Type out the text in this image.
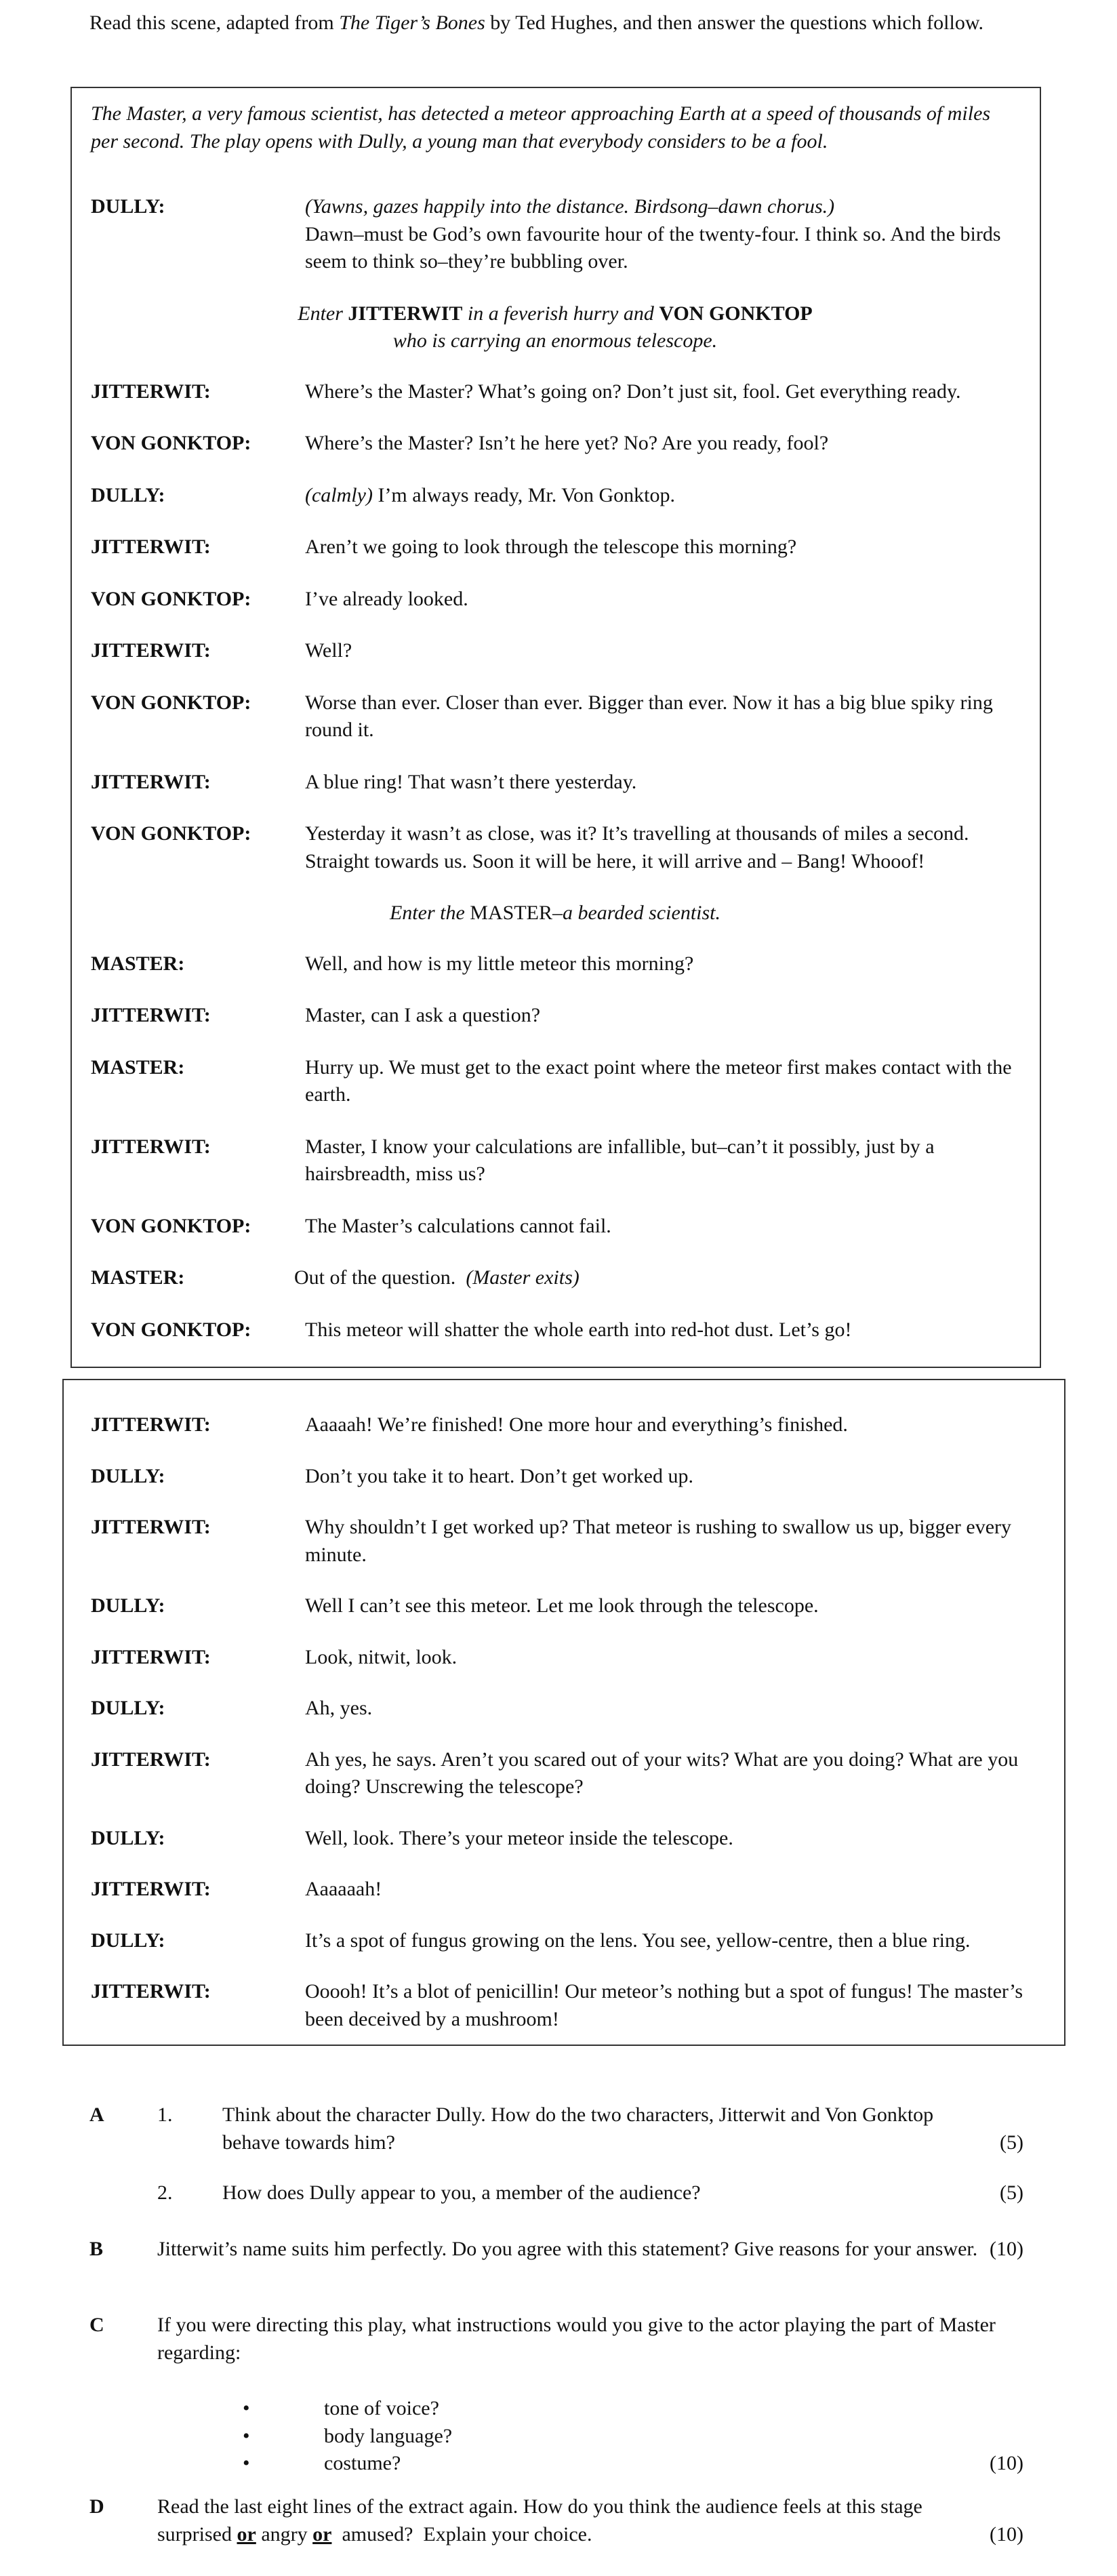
Read this scene, adapted from The Tiger’s Bones by Ted Hughes, and then answer the questions which follow.

The Master, a very famous scientist, has detected a meteor approaching Earth at a speed of thousands of miles per second. The play opens with Dully, a young man that everybody considers to be a fool.

DULLY:	(Yawns, gazes happily into the distance. Birdsong–dawn chorus.)
Dawn–must be God’s own favourite hour of the twenty-four. I think so. And the birds seem to think so–they’re bubbling over.
Enter JITTERWIT in a feverish hurry and VON GONKTOP
who is carrying an enormous telescope.
JITTERWIT:	Where’s the Master? What’s going on? Don’t just sit, fool. Get everything ready.
VON GONKTOP:	Where’s the Master? Isn’t he here yet? No? Are you ready, fool?
DULLY:	(calmly) I’m always ready, Mr. Von Gonktop.
JITTERWIT:	Aren’t we going to look through the telescope this morning?
VON GONKTOP:	I’ve already looked.
JITTERWIT:	Well?
VON GONKTOP:	Worse than ever. Closer than ever. Bigger than ever. Now it has a big blue spiky ring round it.
JITTERWIT:	A blue ring! That wasn’t there yesterday.
VON GONKTOP:	Yesterday it wasn’t as close, was it? It’s travelling at thousands of miles a second. Straight towards us. Soon it will be here, it will arrive and – Bang! Whooof!
Enter the MASTER–a bearded scientist.
MASTER:	Well, and how is my little meteor this morning?
JITTERWIT:	Master, can I ask a question?
MASTER:	Hurry up. We must get to the exact point where the meteor first makes contact with the earth.
JITTERWIT:	Master, I know your calculations are infallible, but–can’t it possibly, just by a hairsbreadth, miss us?
VON GONKTOP:	The Master’s calculations cannot fail.
MASTER:	Out of the question.  (Master exits)
VON GONKTOP:	This meteor will shatter the whole earth into red-hot dust. Let’s go!
JITTERWIT:	Aaaaah! We’re finished! One more hour and everything’s finished.
DULLY:	Don’t you take it to heart. Don’t get worked up.
JITTERWIT:	Why shouldn’t I get worked up? That meteor is rushing to swallow us up, bigger every minute.
DULLY:	Well I can’t see this meteor. Let me look through the telescope.
JITTERWIT:	Look, nitwit, look.
DULLY:	Ah, yes.
JITTERWIT:	Ah yes, he says. Aren’t you scared out of your wits? What are you doing? What are you doing? Unscrewing the telescope?
DULLY:	Well, look. There’s your meteor inside the telescope.
JITTERWIT:	Aaaaaah!
DULLY:	It’s a spot of fungus growing on the lens. You see, yellow-centre, then a blue ring.
JITTERWIT:	Ooooh! It’s a blot of penicillin! Our meteor’s nothing but a spot of fungus! The master’s been deceived by a mushroom!
A	1.	Think about the character Dully. How do the two characters, Jitterwit and Von Gonktop behave towards him?	(5)
2.	How does Dully appear to you, a member of the audience?	(5)
B	Jitterwit’s name suits him perfectly. Do you agree with this statement? Give reasons for your answer. (10)
C	If you were directing this play, what instructions would you give to the actor playing the part of Master regarding:
•	tone of voice?
•	body language?
•	costume?	(10)
D	Read the last eight lines of the extract again. How do you think the audience feels at this stage surprised or angry or  amused?  Explain your choice.	(10)
